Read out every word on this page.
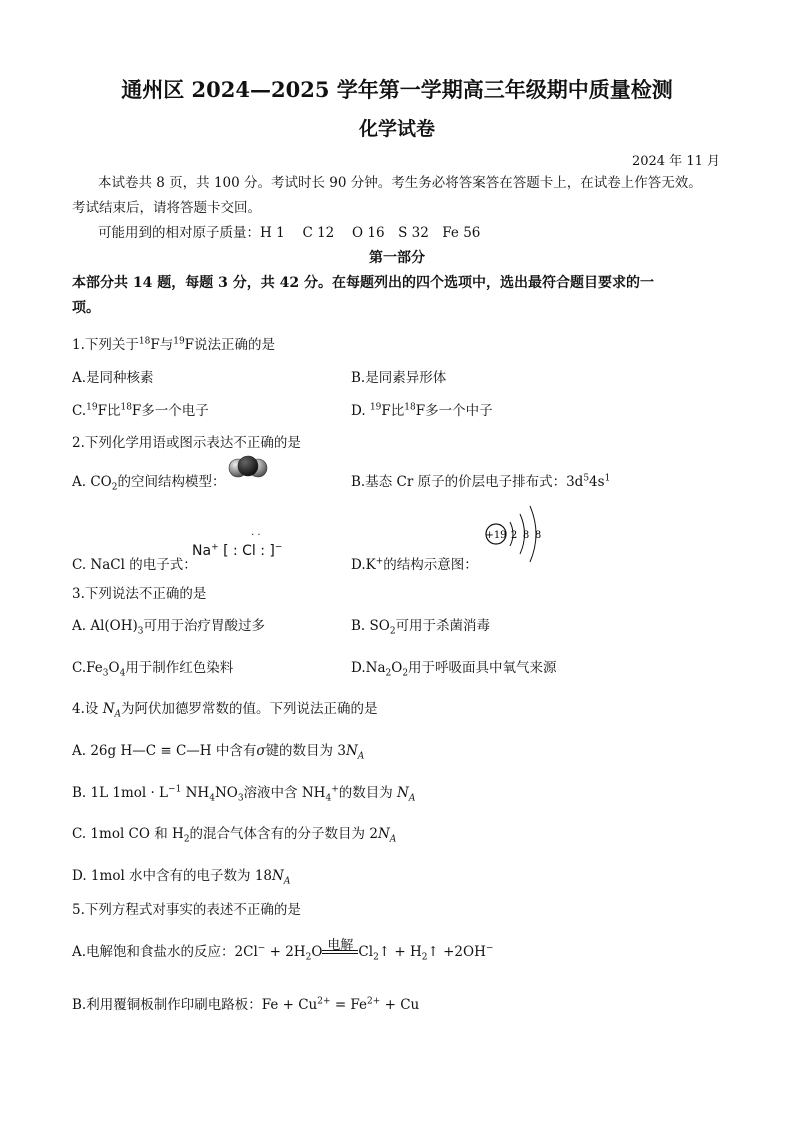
通州区 2024—2025 学年第一学期高三年级期中质量检测
化学试卷
2024 年 11 月
本试卷共 8 页，共 100 分。考试时长 90 分钟。考生务必将答案答在答题卡上，在试卷上作答无效。
考试结束后，请将答题卡交回。
可能用到的相对原子质量：H 1　 C 12　 O 16　S 32　Fe 56
第一部分
本部分共 14 题，每题 3 分，共 42 分。在每题列出的四个选项中，选出最符合题目要求的一
项。
1.下列关于$^{18}$F与$^{19}$F说法正确的是
A.是同种核素	B.是同素异形体
C.$^{19}$F比$^{18}$F多一个电子	D. $^{19}$F比$^{18}$F多一个中子
2.下列化学用语或图示表达不正确的是
A. $CO_2$的空间结构模型：	B.基态 Cr 原子的价层电子排布式：$3d^54s^1$
C. NaCl 的电子式：
Na+ [ : Cl : ]−
· ·
D.K+的结构示意图：
+19 2 8 8
3.下列说法不正确的是
A. $Al(OH)_3$可用于治疗胃酸过多	B. $SO_2$可用于杀菌消毒
$C.Fe_3O_4$用于制作红色染料	$D.Na_2O_2$用于呼吸面具中氧气来源
4.设 $N_A$为阿伏加德罗常数的值。下列说法正确的是
A. 26g H—C ≡ C—H 中含有σ键的数目为 $3N_A$
B. 1L $1mol \cdot L^{-1}$ $NH_4NO_3$溶液中含 $NH_4^+$的数目为 $N_A$
C. 1mol CO 和 $H_2$的混合气体含有的分子数目为 $2N_A$
D. 1mol 水中含有的电子数为 $18N_A$
5.下列方程式对事实的表述不正确的是
A.电解饱和食盐水的反应：$2Cl^- + 2H_2O$ 电解 $Cl_2↑$ + $H_2↑ +2OH^-$
B.利用覆铜板制作印刷电路板：$Fe + Cu^{2+} = Fe^{2+} + Cu$
